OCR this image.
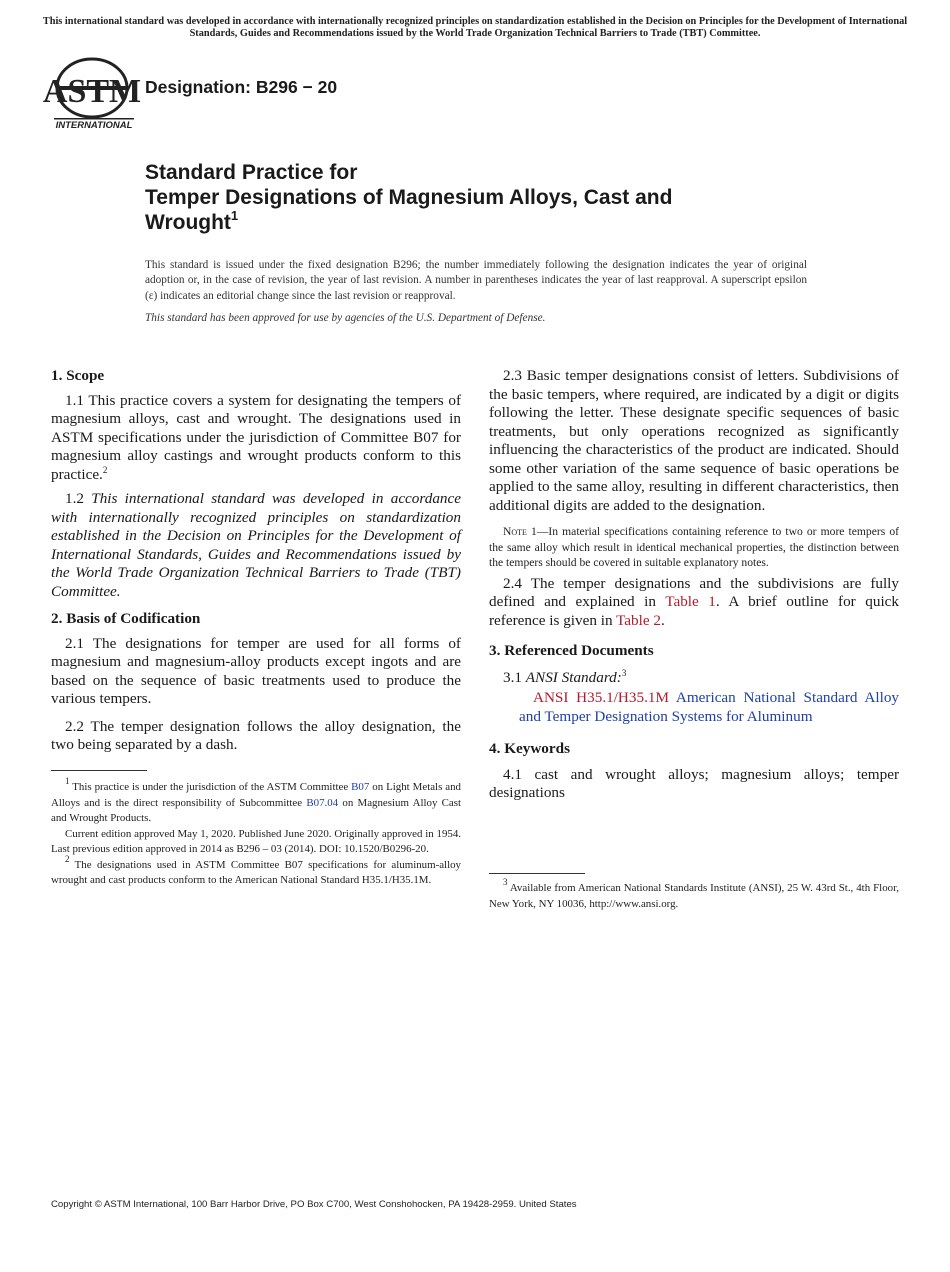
This international standard was developed in accordance with internationally recognized principles on standardization established in the Decision on Principles for the Development of International Standards, Guides and Recommendations issued by the World Trade Organization Technical Barriers to Trade (TBT) Committee.
ASTM
INTERNATIONAL
Designation: B296 − 20
Standard Practice for
Temper Designations of Magnesium Alloys, Cast and
Wrought$^1$
This standard is issued under the fixed designation B296; the number immediately following the designation indicates the year of original adoption or, in the case of revision, the year of last revision. A number in parentheses indicates the year of last reapproval. A superscript epsilon (ε) indicates an editorial change since the last revision or reapproval.
This standard has been approved for use by agencies of the U.S. Department of Defense.
1. Scope

1.1 This practice covers a system for designating the tempers of magnesium alloys, cast and wrought. The designations used in ASTM specifications under the jurisdiction of Committee B07 for magnesium alloy castings and wrought products conform to this practice.$^2$

1.2 This international standard was developed in accordance with internationally recognized principles on standardization established in the Decision on Principles for the Development of International Standards, Guides and Recommendations issued by the World Trade Organization Technical Barriers to Trade (TBT) Committee.

2. Basis of Codification

2.1 The designations for temper are used for all forms of magnesium and magnesium-alloy products except ingots and are based on the sequence of basic treatments used to produce the various tempers.

2.2 The temper designation follows the alloy designation, the two being separated by a dash.

$^1$ This practice is under the jurisdiction of the ASTM Committee B07 on Light Metals and Alloys and is the direct responsibility of Subcommittee B07.04 on Magnesium Alloy Cast and Wrought Products.

Current edition approved May 1, 2020. Published June 2020. Originally approved in 1954. Last previous edition approved in 2014 as B296 – 03 (2014). DOI: 10.1520/B0296-20.

$^2$ The designations used in ASTM Committee B07 specifications for aluminum-alloy wrought and cast products conform to the American National Standard H35.1/H35.1M.

2.3 Basic temper designations consist of letters. Subdivisions of the basic tempers, where required, are indicated by a digit or digits following the letter. These designate specific sequences of basic treatments, but only operations recognized as significantly influencing the characteristics of the product are indicated. Should some other variation of the same sequence of basic operations be applied to the same alloy, resulting in different characteristics, then additional digits are added to the designation.

Note 1—In material specifications containing reference to two or more tempers of the same alloy which result in identical mechanical properties, the distinction between the tempers should be covered in suitable explanatory notes.

2.4 The temper designations and the subdivisions are fully defined and explained in Table 1. A brief outline for quick reference is given in Table 2.

3. Referenced Documents

3.1 ANSI Standard:$^3$

ANSI H35.1/H35.1M American National Standard Alloy and Temper Designation Systems for Aluminum

4. Keywords

4.1 cast and wrought alloys; magnesium alloys; temper designations

$^3$ Available from American National Standards Institute (ANSI), 25 W. 43rd St., 4th Floor, New York, NY 10036, http://www.ansi.org.

Copyright © ASTM International, 100 Barr Harbor Drive, PO Box C700, West Conshohocken, PA 19428-2959. United States
